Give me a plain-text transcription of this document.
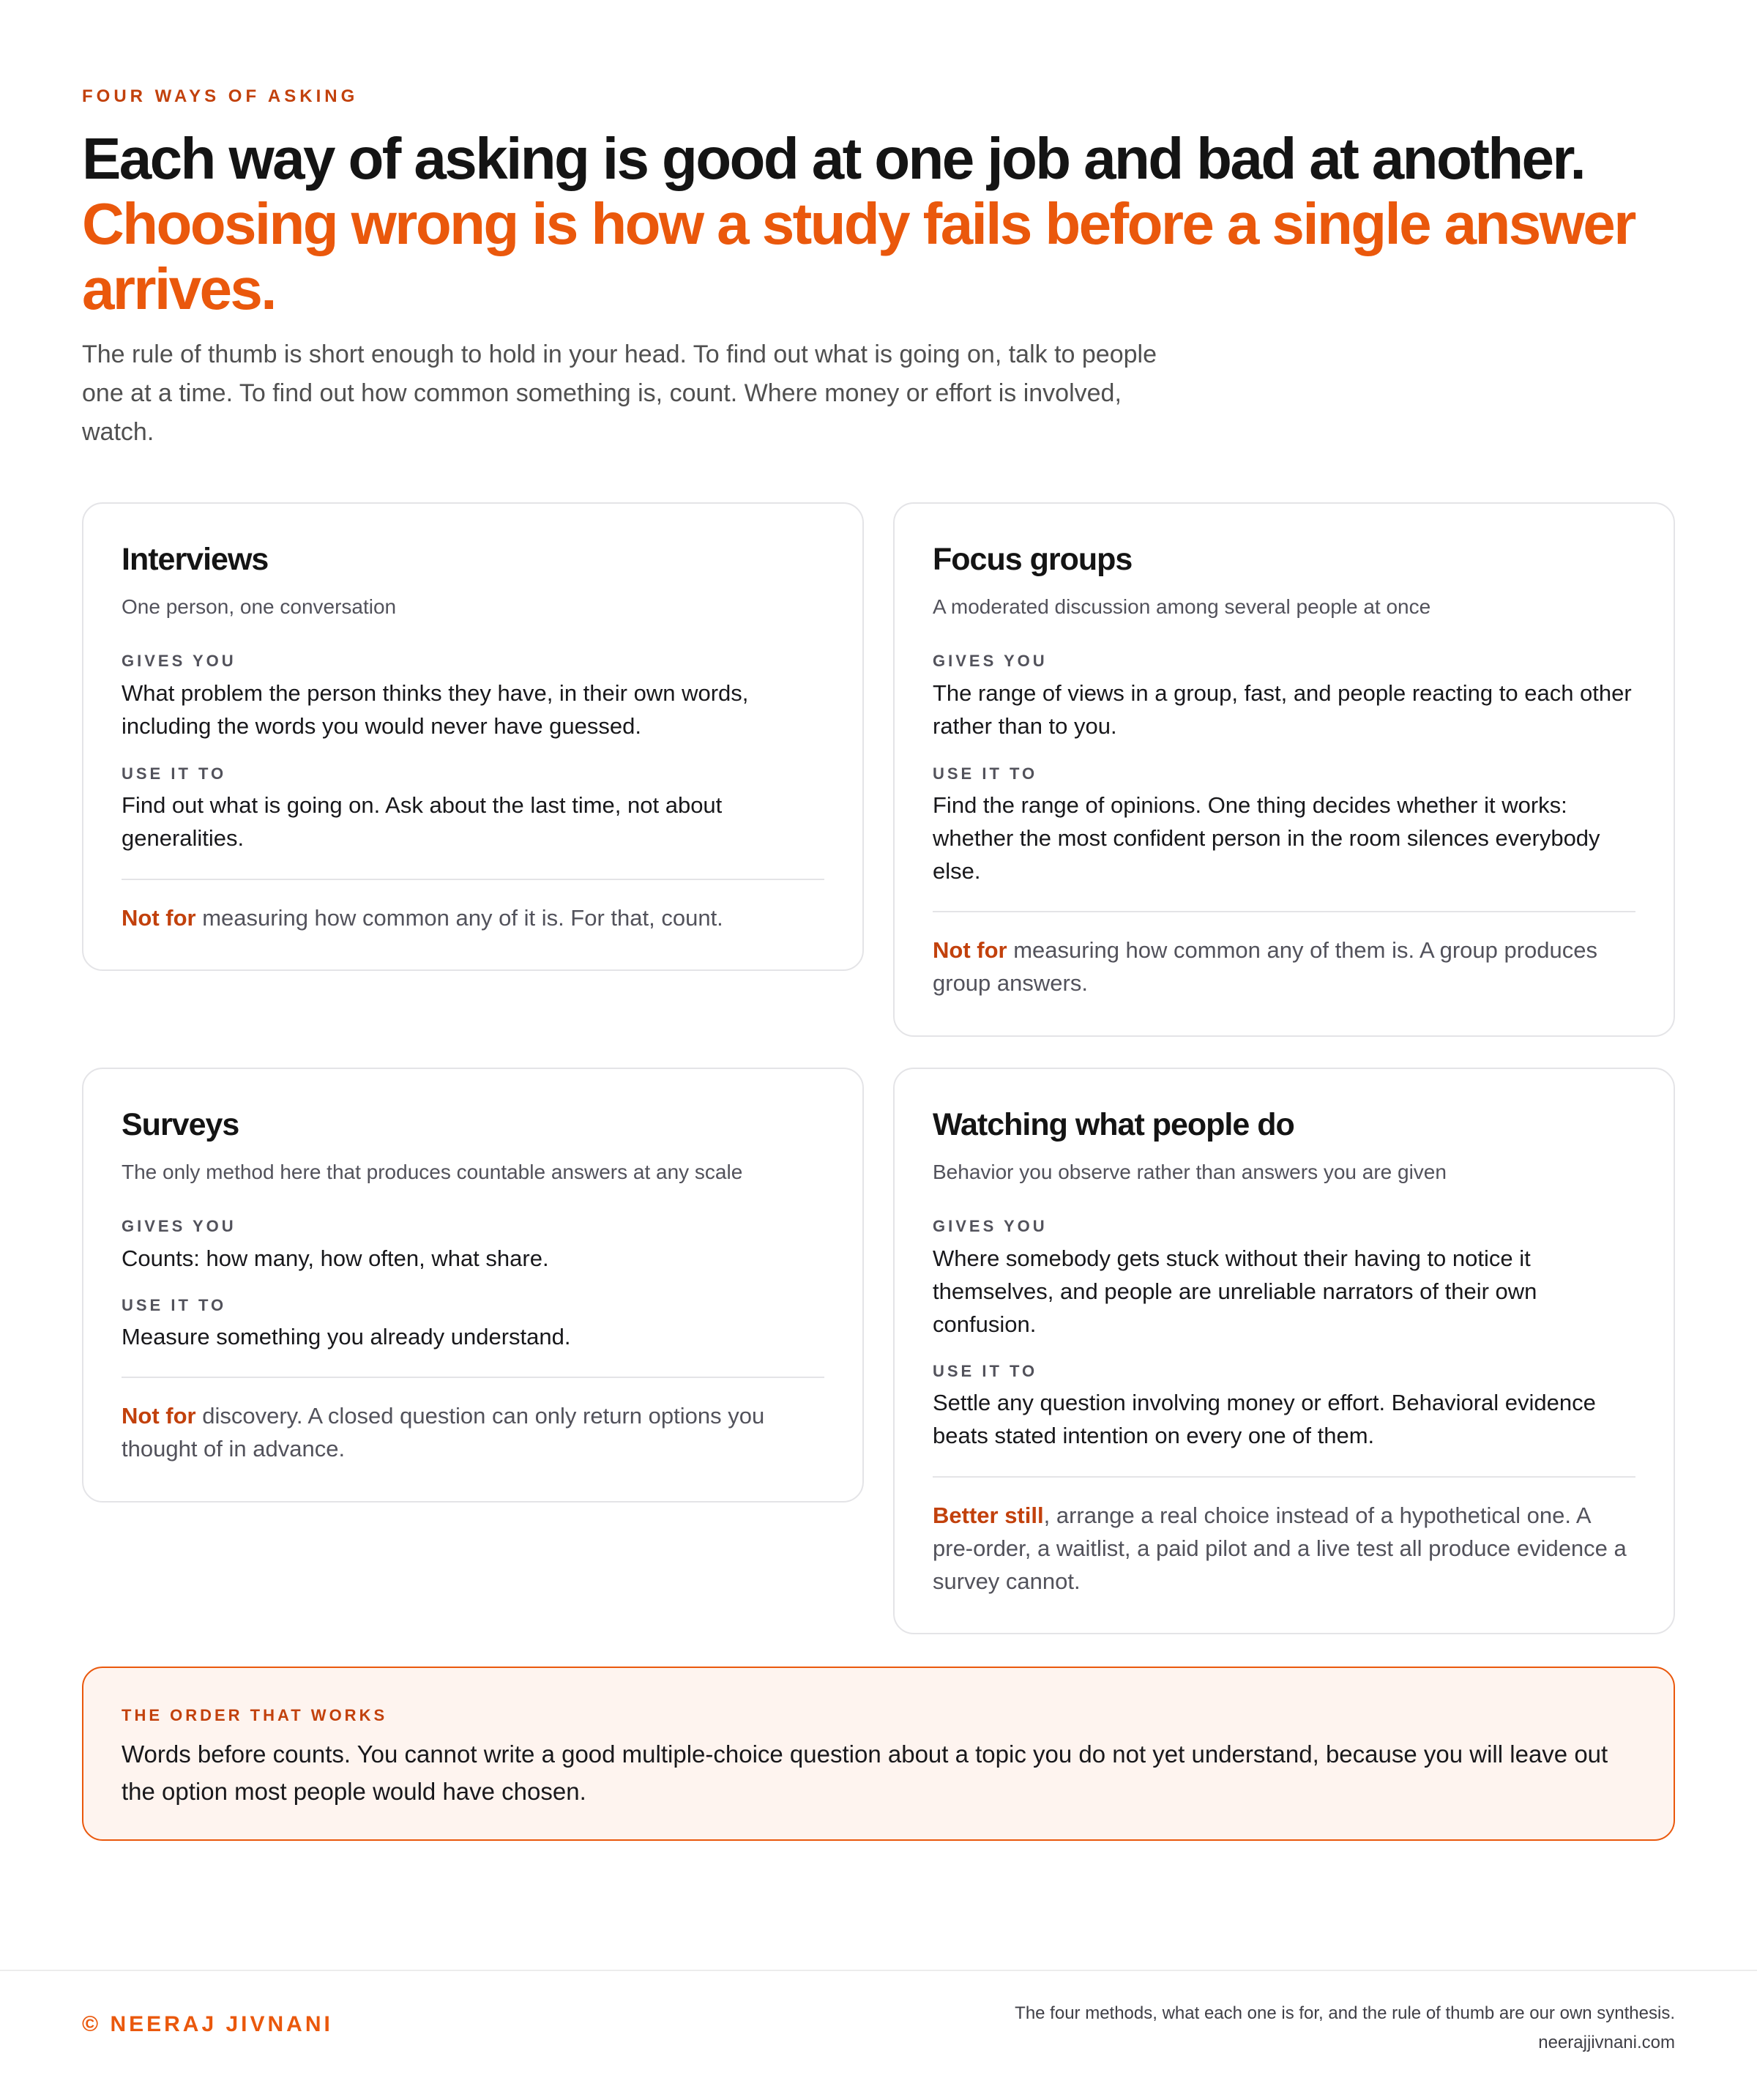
FOUR WAYS OF ASKING
Each way of asking is good at one job and bad at another.
Choosing wrong is how a study fails before a single answer arrives.

The rule of thumb is short enough to hold in your head. To find out what is going on, talk to people one at a time. To find out how common something is, count. Where money or effort is involved, watch.

Interviews

One person, one conversation

GIVES YOU

What problem the person thinks they have, in their own words, including the words you would never have guessed.

USE IT TO

Find out what is going on. Ask about the last time, not about generalities.

Not for measuring how common any of it is. For that, count.

Focus groups

A moderated discussion among several people at once

GIVES YOU

The range of views in a group, fast, and people reacting to each other rather than to you.

USE IT TO

Find the range of opinions. One thing decides whether it works: whether the most confident person in the room silences everybody else.

Not for measuring how common any of them is. A group produces group answers.

Surveys

The only method here that produces countable answers at any scale

GIVES YOU

Counts: how many, how often, what share.

USE IT TO

Measure something you already understand.

Not for discovery. A closed question can only return options you thought of in advance.

Watching what people do

Behavior you observe rather than answers you are given

GIVES YOU

Where somebody gets stuck without their having to notice it themselves, and people are unreliable narrators of their own confusion.

USE IT TO

Settle any question involving money or effort. Behavioral evidence beats stated intention on every one of them.

Better still, arrange a real choice instead of a hypothetical one. A pre-order, a waitlist, a paid pilot and a live test all produce evidence a survey cannot.

THE ORDER THAT WORKS

Words before counts. You cannot write a good multiple-choice question about a topic you do not yet understand, because you will leave out the option most people would have chosen.

© NEERAJ JIVNANI	The four methods, what each one is for, and the rule of thumb are our own synthesis.
neerajjivnani.com
